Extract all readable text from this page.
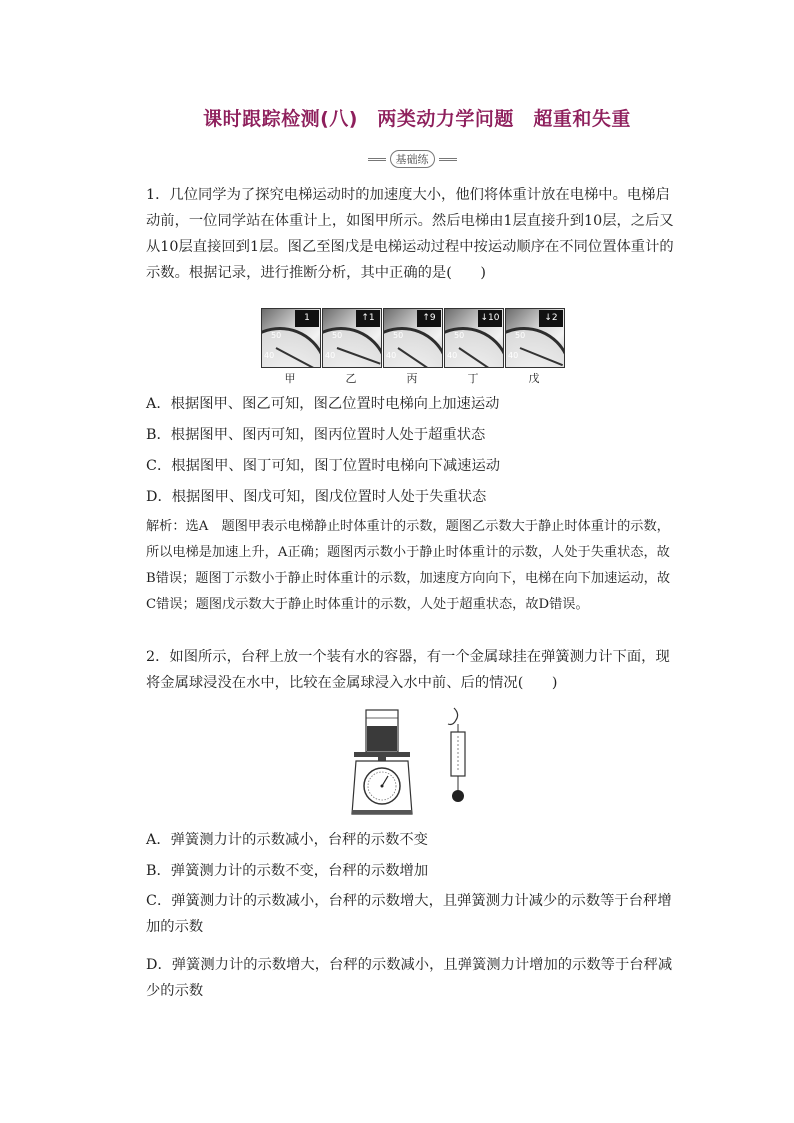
课时跟踪检测(八)　两类动力学问题　超重和失重
基础练
1．几位同学为了探究电梯运动时的加速度大小，他们将体重计放在电梯中。电梯启动前，一位同学站在体重计上，如图甲所示。然后电梯由1层直接升到10层，之后又从10层直接回到1层。图乙至图戊是电梯运动过程中按运动顺序在不同位置体重计的示数。根据记录，进行推断分析，其中正确的是(　　)
50
40
1
50
40
↑1
50
40
↑9
50
40
↓10
50
40
↓2
甲	乙	丙	丁	戊
A．根据图甲、图乙可知，图乙位置时电梯向上加速运动
B．根据图甲、图丙可知，图丙位置时人处于超重状态
C．根据图甲、图丁可知，图丁位置时电梯向下减速运动
D．根据图甲、图戊可知，图戊位置时人处于失重状态
解析：选A　题图甲表示电梯静止时体重计的示数，题图乙示数大于静止时体重计的示数，所以电梯是加速上升，A正确；题图丙示数小于静止时体重计的示数，人处于失重状态，故B错误；题图丁示数小于静止时体重计的示数，加速度方向向下，电梯在向下加速运动，故C错误；题图戊示数大于静止时体重计的示数，人处于超重状态，故D错误。
2．如图所示，台秤上放一个装有水的容器，有一个金属球挂在弹簧测力计下面，现将金属球浸没在水中，比较在金属球浸入水中前、后的情况(　　)
A．弹簧测力计的示数减小，台秤的示数不变
B．弹簧测力计的示数不变，台秤的示数增加
C．弹簧测力计的示数减小，台秤的示数增大，且弹簧测力计减少的示数等于台秤增加的示数
D．弹簧测力计的示数增大，台秤的示数减小，且弹簧测力计增加的示数等于台秤减少的示数
